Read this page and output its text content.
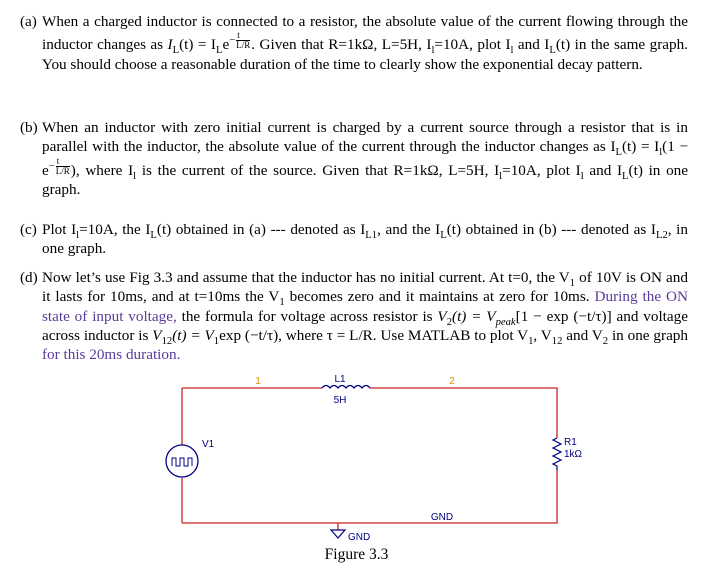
(a) When a charged inductor is connected to a resistor, the absolute value of the current flowing through the inductor changes as $I_L(t) = I_Le^{- \frac{t}{L/R}}$ . Given that R=1kΩ, L=5H, $I_l=10A$, plot $I_l$ and $I_L(t)$ in the same graph. You should choose a reasonable duration of the time to clearly show the exponential decay pattern.
(b) When an inductor with zero initial current is charged by a current source through a resistor that is in parallel with the inductor, the absolute value of the current through the inductor changes as $I_L(t) = I_l(1 - e^{- \frac{t}{L/R}}$ ), where $I_l$ is the current of the source. Given that R=1kΩ, L=5H, $I_l=10A$, plot $I_l$ and $I_L(t)$ in one graph.
(c) Plot $I_l=10A$, the $I_L(t)$ obtained in (a) --- denoted as $I_{L1}$, and the $I_L(t)$ obtained in (b) --- denoted as $I_{L2}$, in one graph.
(d) Now let’s use Fig 3.3 and assume that the inductor has no initial current. At t=0, the $V_1$ of 10V is ON and it lasts for 10ms, and at t=10ms the $V_1$ becomes zero and it maintains at zero for 10ms. During the ON state of input voltage, the formula for voltage across resistor is $V_2(t) = V_{peak}[1 - \exp (-t/\tau)]$ and voltage across inductor is $V_{12}(t) = V_1\exp$ (−t/τ), where τ = L/R. Use MATLAB to plot $V_1$, $V_{12}$ and $V_2$ in one graph for this 20ms duration.
L1
5H
1	2
V1	R1
1kΩ
GND
GND
Figure 3.3
